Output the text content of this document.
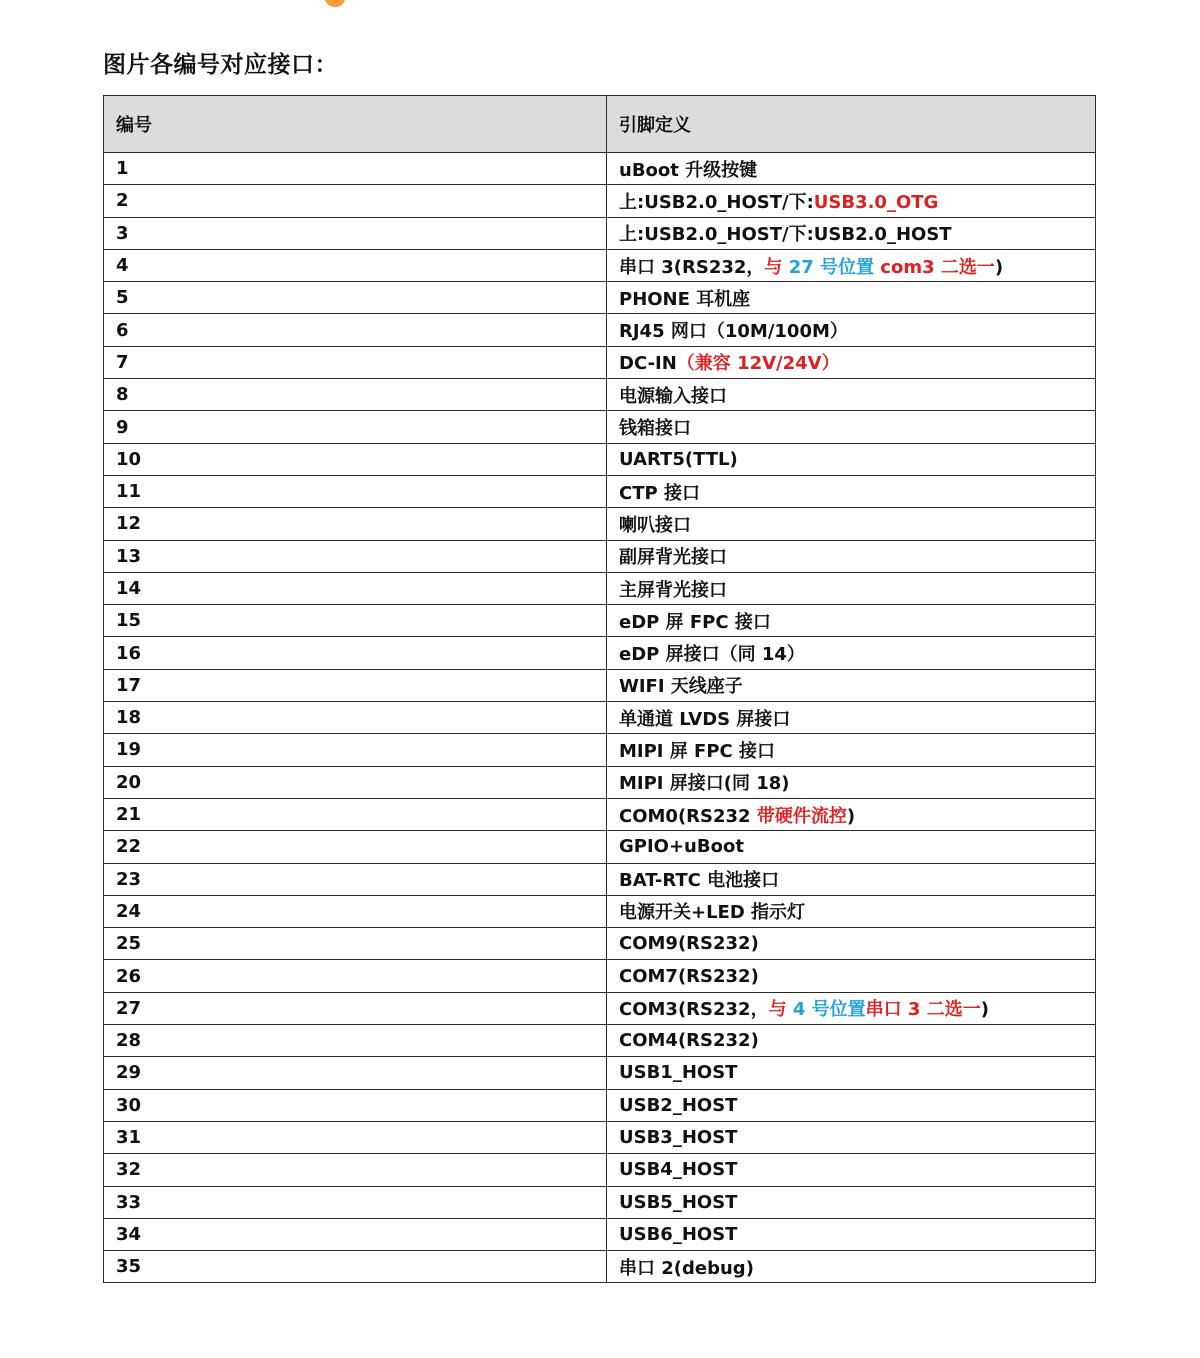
图片各编号对应接口：
编号	引脚定义
1	uBoot 升级按键
2	上:USB2.0_HOST/下:USB3.0_OTG
3	上:USB2.0_HOST/下:USB2.0_HOST
4	串口 3(RS232，与 27 号位置 com3 二选一)
5	PHONE 耳机座
6	RJ45 网口（10M/100M）
7	DC-IN（兼容 12V/24V）
8	电源输入接口
9	钱箱接口
10	UART5(TTL)
11	CTP 接口
12	喇叭接口
13	副屏背光接口
14	主屏背光接口
15	eDP 屏 FPC 接口
16	eDP 屏接口（同 14）
17	WIFI 天线座子
18	单通道 LVDS 屏接口
19	MIPI 屏 FPC 接口
20	MIPI 屏接口(同 18)
21	COM0(RS232 带硬件流控)
22	GPIO+uBoot
23	BAT-RTC 电池接口
24	电源开关+LED 指示灯
25	COM9(RS232)
26	COM7(RS232)
27	COM3(RS232，与 4 号位置串口 3 二选一)
28	COM4(RS232)
29	USB1_HOST
30	USB2_HOST
31	USB3_HOST
32	USB4_HOST
33	USB5_HOST
34	USB6_HOST
35	串口 2(debug)
